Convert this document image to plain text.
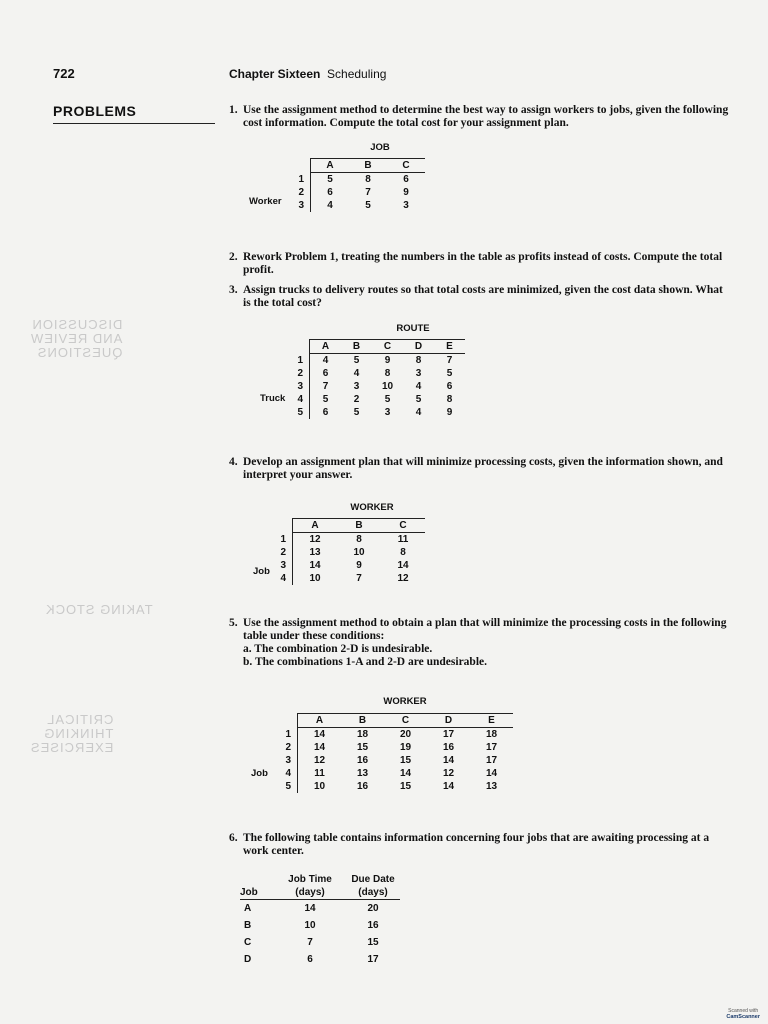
722	Chapter Sixteen Scheduling
PROBLEMS
DISCUSSION
AND REVIEW
QUESTIONS
TAKING STOCK
CRITICAL
THINKING
EXERCISES
1. Use the assignment method to determine the best way to assign workers to jobs, given the following
cost information. Compute the total cost for your assignment plan.
JOB
Worker
	A	B	C
1	5	8	6
2	6	7	9
3	4	5	3
2. Rework Problem 1, treating the numbers in the table as profits instead of costs. Compute the total
profit.
3. Assign trucks to delivery routes so that total costs are minimized, given the cost data shown. What
is the total cost?
ROUTE
Truck
	A	B	C	D	E
1	4	5	9	8	7
2	6	4	8	3	5
3	7	3	10	4	6
4	5	2	5	5	8
5	6	5	3	4	9
4. Develop an assignment plan that will minimize processing costs, given the information shown, and
interpret your answer.
WORKER
Job
	A	B	C
1	12	8	11
2	13	10	8
3	14	9	14
4	10	7	12
5. Use the assignment method to obtain a plan that will minimize the processing costs in the following
table under these conditions:
a. The combination 2-D is undesirable.
b. The combinations 1-A and 2-D are undesirable.
WORKER
Job
	A	B	C	D	E
1	14	18	20	17	18
2	14	15	19	16	17
3	12	16	15	14	17
4	11	13	14	12	14
5	10	16	15	14	13
6. The following table contains information concerning four jobs that are awaiting processing at a
work center.
	Job Time	Due Date
Job	(days)	(days)
A	14	20
B	10	16
C	7	15
D	6	17
Scanned with
CamScanner
